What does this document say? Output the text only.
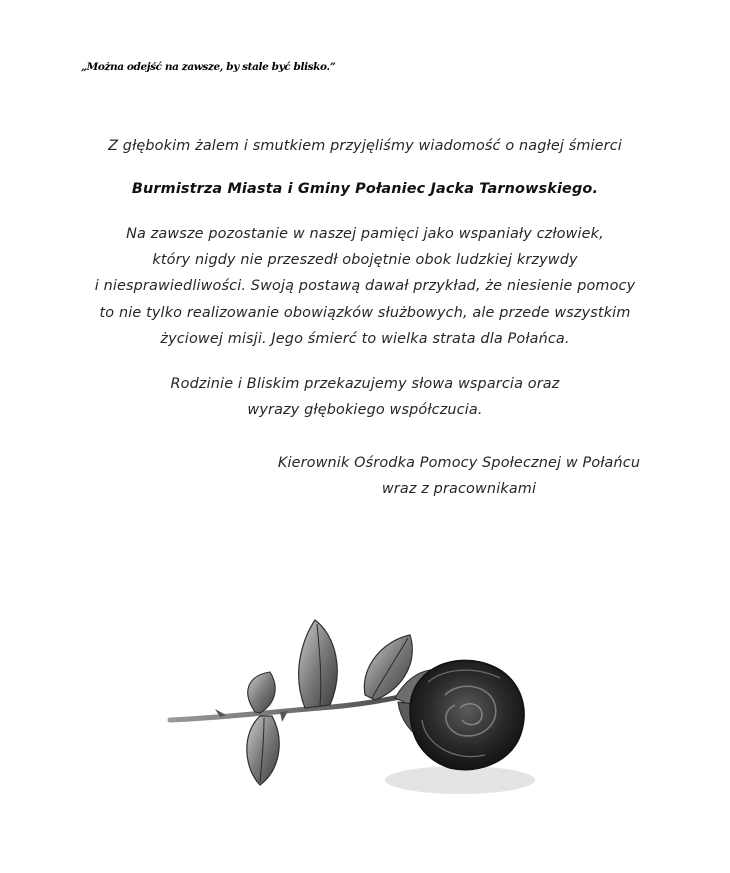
„Można odejść na zawsze, by stale być blisko.”
Z głębokim żalem i smutkiem przyjęliśmy wiadomość o nagłej śmierci
Burmistrza Miasta i Gminy Połaniec Jacka Tarnowskiego.
Na zawsze pozostanie w naszej pamięci jako wspaniały człowiek,
który nigdy nie przeszedł obojętnie obok ludzkiej krzywdy
i niesprawiedliwości. Swoją postawą dawał przykład, że niesienie pomocy
to nie tylko realizowanie obowiązków służbowych, ale przede wszystkim
życiowej misji. Jego śmierć to wielka strata dla Połańca.
Rodzinie i Bliskim przekazujemy słowa wsparcia oraz
wyrazy głębokiego współczucia.
Kierownik Ośrodka Pomocy Społecznej w Połańcu
wraz z pracownikami
